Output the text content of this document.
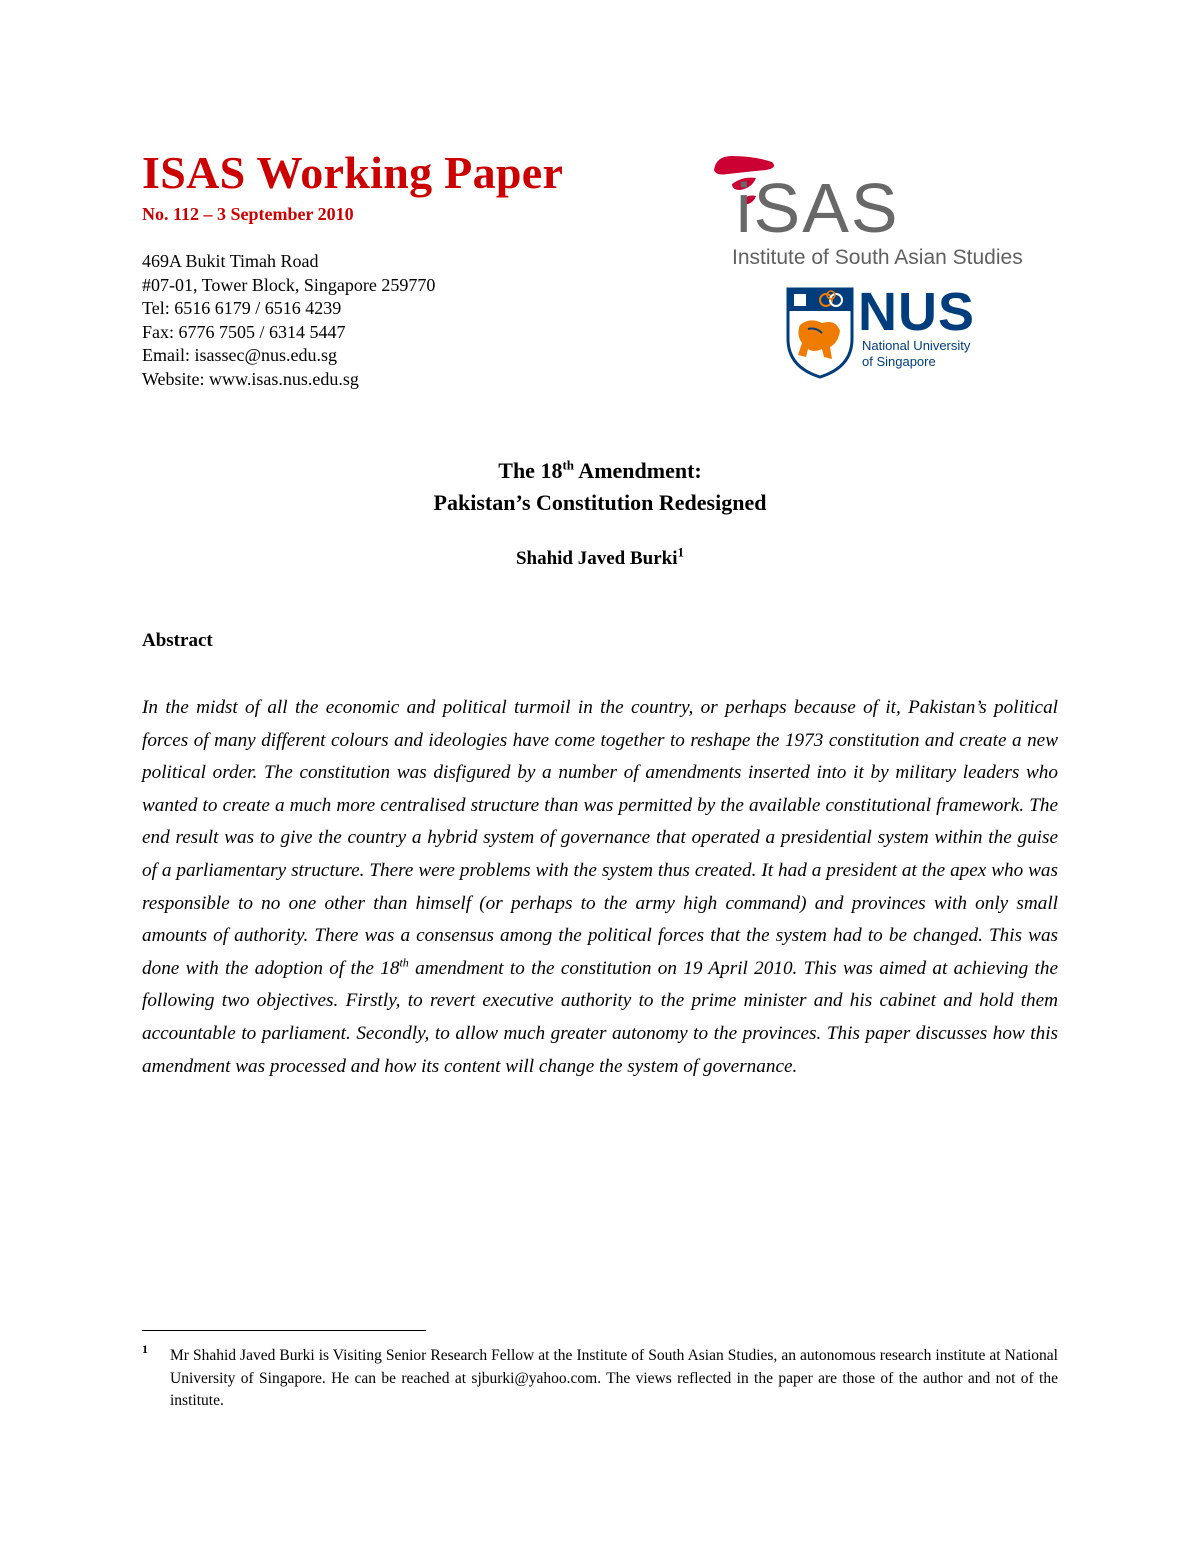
ISAS Working Paper
No. 112 – 3 September 2010
469A Bukit Timah Road
#07-01, Tower Block, Singapore 259770
Tel: 6516 6179 / 6516 4239
Fax: 6776 7505 / 6314 5447
Email: isassec@nus.edu.sg
Website: www.isas.nus.edu.sg
iSAS
Institute of South Asian Studies
NUS
National University
of Singapore
The 18th Amendment:
Pakistan’s Constitution Redesigned
Shahid Javed Burki$^1$
Abstract
In the midst of all the economic and political turmoil in the country, or perhaps because of it, Pakistan’s political forces of many different colours and ideologies have come together to reshape the 1973 constitution and create a new political order. The constitution was disfigured by a number of amendments inserted into it by military leaders who wanted to create a much more centralised structure than was permitted by the available constitutional framework. The end result was to give the country a hybrid system of governance that operated a presidential system within the guise of a parliamentary structure. There were problems with the system thus created. It had a president at the apex who was responsible to no one other than himself (or perhaps to the army high command) and provinces with only small amounts of authority. There was a consensus among the political forces that the system had to be changed. This was done with the adoption of the 18th amendment to the constitution on 19 April 2010. This was aimed at achieving the following two objectives. Firstly, to revert executive authority to the prime minister and his cabinet and hold them accountable to parliament. Secondly, to allow much greater autonomy to the provinces. This paper discusses how this amendment was processed and how its content will change the system of governance.
1 Mr Shahid Javed Burki is Visiting Senior Research Fellow at the Institute of South Asian Studies, an autonomous research institute at National University of Singapore. He can be reached at sjburki@yahoo.com. The views reflected in the paper are those of the author and not of the institute.
